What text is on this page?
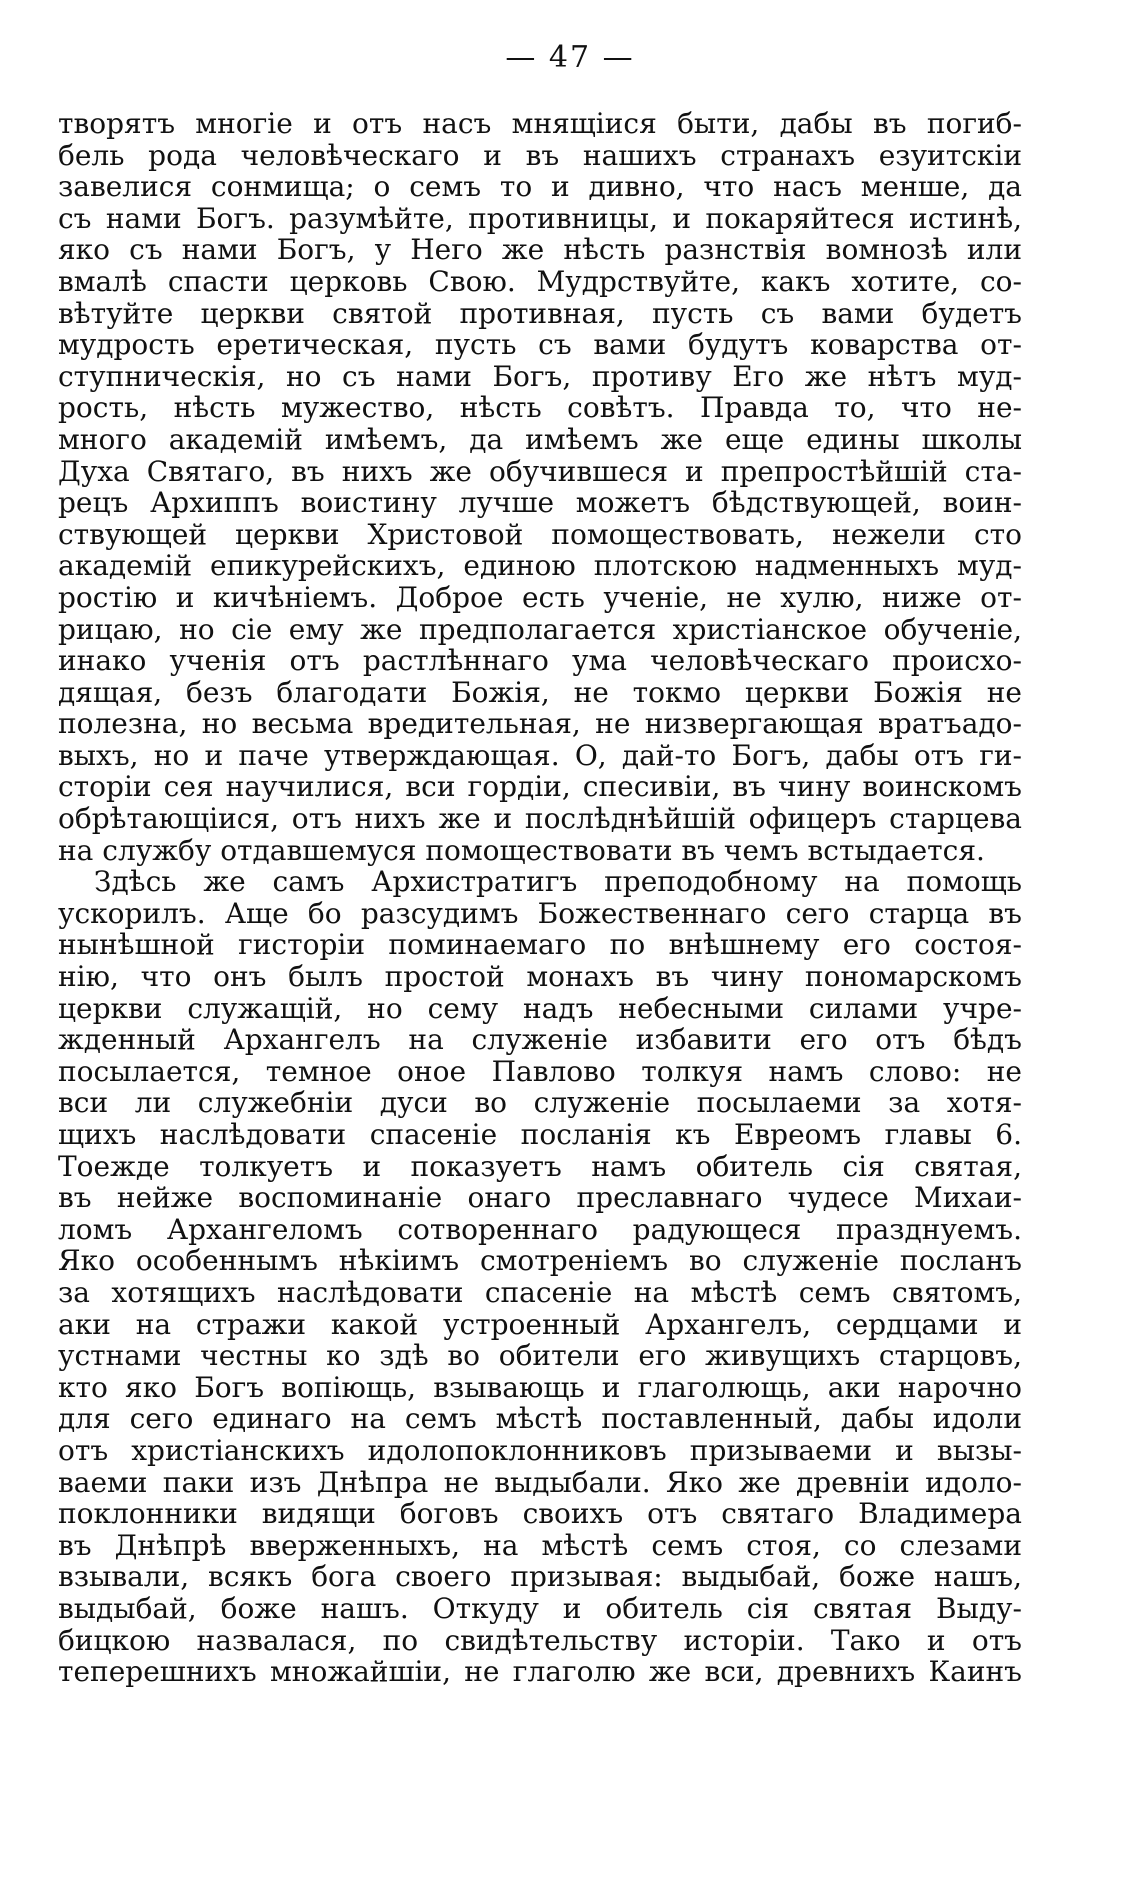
— 47 —
творятъ многіе и отъ насъ мнящіися быти, дабы въ погиб-
бель рода человѣческаго и въ нашихъ странахъ езуитскіи
завелися сонмища; о семъ то и дивно, что насъ менше, да
съ нами Богъ. разумѣйте, противницы, и покаряйтеся истинѣ,
яко съ нами Богъ, у Него же нѣсть разнствія вомнозѣ или
вмалѣ спасти церковь Свою. Мудрствуйте, какъ хотите, со-
вѣтуйте церкви святой противная, пусть съ вами будетъ
мудрость еретическая, пусть съ вами будутъ коварства от-
ступническія, но съ нами Богъ, противу Его же нѣтъ муд-
рость, нѣсть мужество, нѣсть совѣтъ. Правда то, что не-
много академій имѣемъ, да имѣемъ же еще едины школы
Духа Святаго, въ нихъ же обучившеся и препростѣйшій ста-
рецъ Архиппъ воистину лучше можетъ бѣдствующей, воин-
ствующей церкви Христовой помоществовать, нежели сто
академій епикурейскихъ, единою плотскою надменныхъ муд-
ростію и кичѣніемъ. Доброе есть ученіе, не хулю, ниже от-
рицаю, но сіе ему же предполагается христіанское обученіе,
инако ученія отъ растлѣннаго ума человѣческаго происхо-
дящая, безъ благодати Божія, не токмо церкви Божія не
полезна, но весьма вредительная, не низвергающая вратъадо-
выхъ, но и паче утверждающая. О, дай-то Богъ, дабы отъ ги-
сторіи сея научилися, вси гордіи, спесивіи, въ чину воинскомъ
обрѣтающіися, отъ нихъ же и послѣднѣйшій офицеръ старцева
на службу отдавшемуся помоществовати въ чемъ встыдается.
Здѣсь же самъ Архистратигъ преподобному на помощь
ускорилъ. Аще бо разсудимъ Божественнаго сего старца въ
нынѣшной гисторіи поминаемаго по внѣшнему его состоя-
нію, что онъ былъ простой монахъ въ чину пономарскомъ
церкви служащій, но сему надъ небесными силами учре-
жденный Архангелъ на служеніе избавити его отъ бѣдъ
посылается, темное оное Павлово толкуя намъ слово: не
вси ли служебніи дуси во служеніе посылаеми за хотя-
щихъ наслѣдовати спасеніе посланія къ Евреомъ главы 6.
Тоежде толкуетъ и показуетъ намъ обитель сія святая,
въ нейже воспоминаніе онаго преславнаго чудесе Михаи-
ломъ Архангеломъ сотвореннаго радующеся празднуемъ.
Яко особеннымъ нѣкіимъ смотреніемъ во служеніе посланъ
за хотящихъ наслѣдовати спасеніе на мѣстѣ семъ святомъ,
аки на стражи какой устроенный Архангелъ, сердцами и
устнами честны ко здѣ во обители его живущихъ старцовъ,
кто яко Богъ вопіющь, взывающь и глаголющь, аки нарочно
для сего единаго на семъ мѣстѣ поставленный, дабы идоли
отъ христіанскихъ идолопоклонниковъ призываеми и вызы-
ваеми паки изъ Днѣпра не выдыбали. Яко же древніи идоло-
поклонники видящи боговъ своихъ отъ святаго Владимера
въ Днѣпрѣ вверженныхъ, на мѣстѣ семъ стоя, со слезами
взывали, всякъ бога своего призывая: выдыбай, боже нашъ,
выдыбай, боже нашъ. Откуду и обитель сія святая Выду-
бицкою назвалася, по свидѣтельству исторіи. Тако и отъ
теперешнихъ множайшіи, не глаголю же вси, древнихъ Каинъ
